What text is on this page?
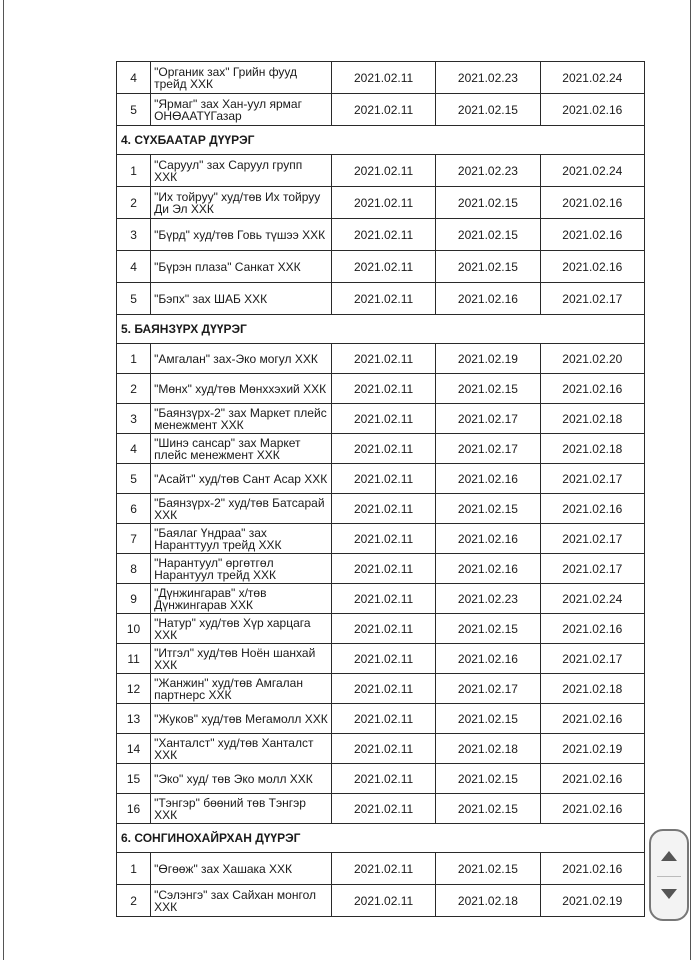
4	"Органик зах" Грийн фууд трейд ХХК	2021.02.11	2021.02.23	2021.02.24
5	"Ярмаг" зах Хан-уул ярмаг ОНӨААТҮГазар	2021.02.11	2021.02.15	2021.02.16
4. СҮХБААТАР ДҮҮРЭГ				
1	"Саруул" зах Саруул групп ХХК	2021.02.11	2021.02.23	2021.02.24
2	"Их тойруу" худ/төв Их тойруу Ди Эл ХХК	2021.02.11	2021.02.15	2021.02.16
3	"Бүрд" худ/төв Говь түшээ ХХК	2021.02.11	2021.02.15	2021.02.16
4	"Бүрэн плаза" Санкат ХХК	2021.02.11	2021.02.15	2021.02.16
5	"Бэпх" зах ШАБ ХХК	2021.02.11	2021.02.16	2021.02.17
5. БАЯНЗҮРХ ДҮҮРЭГ				
1	"Амгалан" зах-Эко могул ХХК	2021.02.11	2021.02.19	2021.02.20
2	"Мөнх" худ/төв Мөнххэхий ХХК	2021.02.11	2021.02.15	2021.02.16
3	"Баянзүрх-2" зах Маркет плейс менежмент ХХК	2021.02.11	2021.02.17	2021.02.18
4	"Шинэ сансар" зах Маркет плейс менежмент ХХК	2021.02.11	2021.02.17	2021.02.18
5	"Асайт" худ/төв Сант Асар ХХК	2021.02.11	2021.02.16	2021.02.17
6	"Баянзүрх-2" худ/төв Батсарай ХХК	2021.02.11	2021.02.15	2021.02.16
7	"Баялаг Үндраа" зах Наранттуул трейд ХХК	2021.02.11	2021.02.16	2021.02.17
8	"Нарантуул" өргөтгөл Нарантуул трейд ХХК	2021.02.11	2021.02.16	2021.02.17
9	"Дүнжингарав" х/төв Дүнжингарав ХХК	2021.02.11	2021.02.23	2021.02.24
10	"Натур" худ/төв Хүр харцага ХХК	2021.02.11	2021.02.15	2021.02.16
11	"Итгэл" худ/төв Ноён шанхай ХХК	2021.02.11	2021.02.16	2021.02.17
12	"Жанжин" худ/төв Амгалан партнерс ХХК	2021.02.11	2021.02.17	2021.02.18
13	"Жуков" худ/төв Мегамолл ХХК	2021.02.11	2021.02.15	2021.02.16
14	"Ханталст" худ/төв Ханталст ХХК	2021.02.11	2021.02.18	2021.02.19
15	"Эко" худ/ төв Эко молл ХХК	2021.02.11	2021.02.15	2021.02.16
16	"Тэнгэр" бөөний төв Тэнгэр ХХК	2021.02.11	2021.02.15	2021.02.16
6. СОНГИНОХАЙРХАН ДҮҮРЭГ				
1	"Өгөөж" зах Хашака ХХК	2021.02.11	2021.02.15	2021.02.16
2	"Сэлэнгэ" зах Сайхан монгол ХХК	2021.02.11	2021.02.18	2021.02.19
